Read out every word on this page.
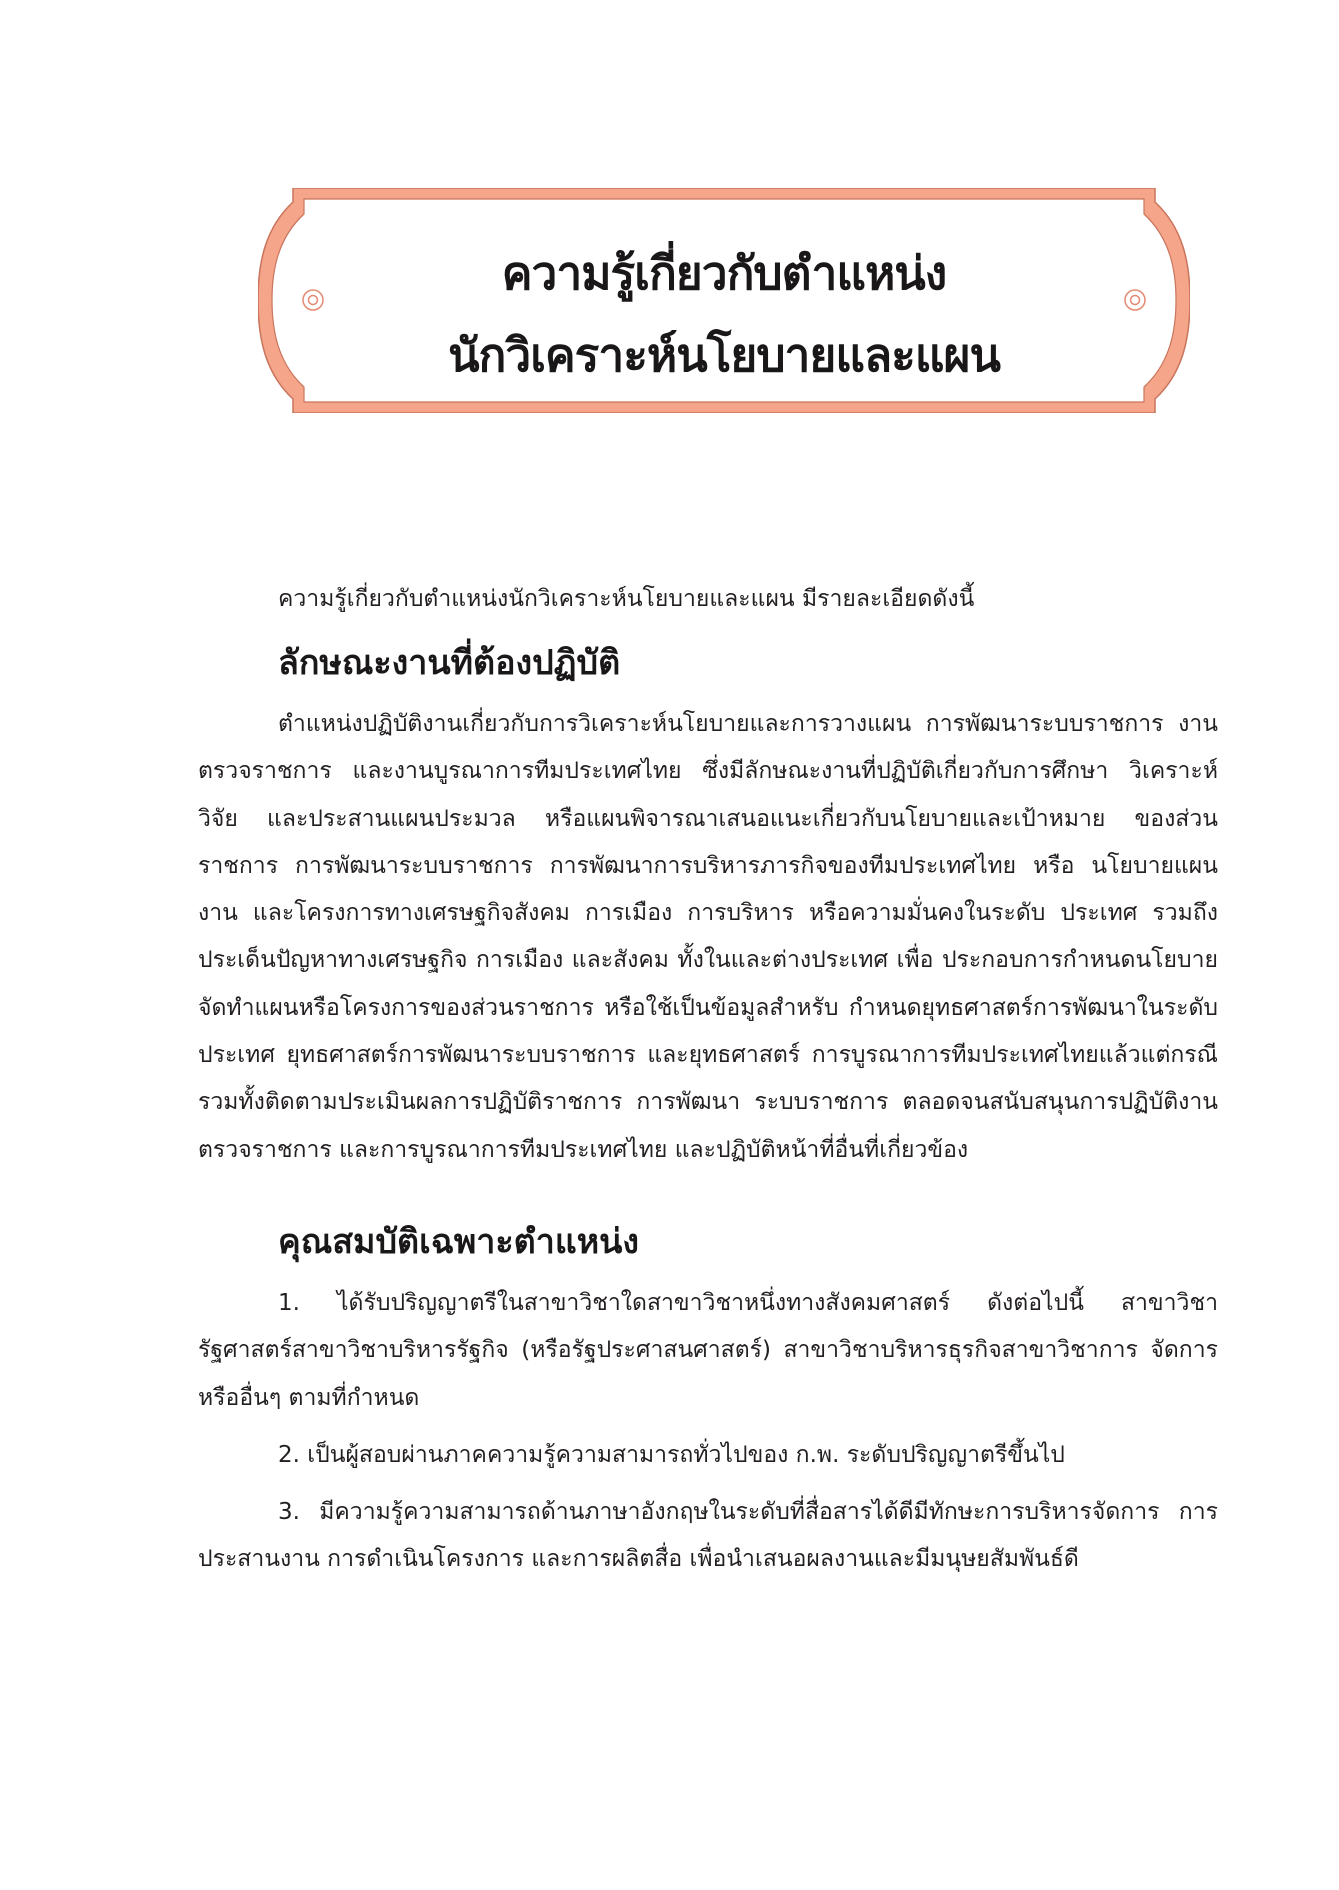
ความรู้เกี่ยวกับตำแหน่ง
นักวิเคราะห์นโยบายและแผน

ความรู้เกี่ยวกับตำแหน่งนักวิเคราะห์นโยบายและแผน มีรายละเอียดดังนี้

ลักษณะงานที่ต้องปฏิบัติ

ตำแหน่งปฏิบัติงานเกี่ยวกับการวิเคราะห์นโยบายและการวางแผน การพัฒนาระบบราชการ งานตรวจราชการ และงานบูรณาการทีมประเทศไทย ซึ่งมีลักษณะงานที่ปฏิบัติเกี่ยวกับการศึกษา วิเคราะห์ วิจัย และประสานแผนประมวล หรือแผนพิจารณาเสนอแนะเกี่ยวกับนโยบายและเป้าหมาย ของส่วนราชการ การพัฒนาระบบราชการ การพัฒนาการบริหารภารกิจของทีมประเทศไทย หรือ นโยบายแผนงาน และโครงการทางเศรษฐกิจสังคม การเมือง การบริหาร หรือความมั่นคงในระดับ ประเทศ รวมถึงประเด็นปัญหาทางเศรษฐกิจ การเมือง และสังคม ทั้งในและต่างประเทศ เพื่อ ประกอบการกำหนดนโยบายจัดทำแผนหรือโครงการของส่วนราชการ หรือใช้เป็นข้อมูลสำหรับ กำหนดยุทธศาสตร์การพัฒนาในระดับประเทศ ยุทธศาสตร์การพัฒนาระบบราชการ และยุทธศาสตร์ การบูรณาการทีมประเทศไทยแล้วแต่กรณี รวมทั้งติดตามประเมินผลการปฏิบัติราชการ การพัฒนา ระบบราชการ ตลอดจนสนับสนุนการปฏิบัติงานตรวจราชการ และการบูรณาการทีมประเทศไทย และปฏิบัติหน้าที่อื่นที่เกี่ยวข้อง

คุณสมบัติเฉพาะตำแหน่ง

1. ได้รับปริญญาตรีในสาขาวิชาใดสาขาวิชาหนึ่งทางสังคมศาสตร์ ดังต่อไปนี้ สาขาวิชา รัฐศาสตร์สาขาวิชาบริหารรัฐกิจ (หรือรัฐประศาสนศาสตร์) สาขาวิชาบริหารธุรกิจสาขาวิชาการ จัดการหรืออื่นๆ ตามที่กำหนด

2. เป็นผู้สอบผ่านภาคความรู้ความสามารถทั่วไปของ ก.พ. ระดับปริญญาตรีขึ้นไป

3. มีความรู้ความสามารถด้านภาษาอังกฤษในระดับที่สื่อสารได้ดีมีทักษะการบริหารจัดการ การประสานงาน การดำเนินโครงการ และการผลิตสื่อ เพื่อนำเสนอผลงานและมีมนุษยสัมพันธ์ดี
